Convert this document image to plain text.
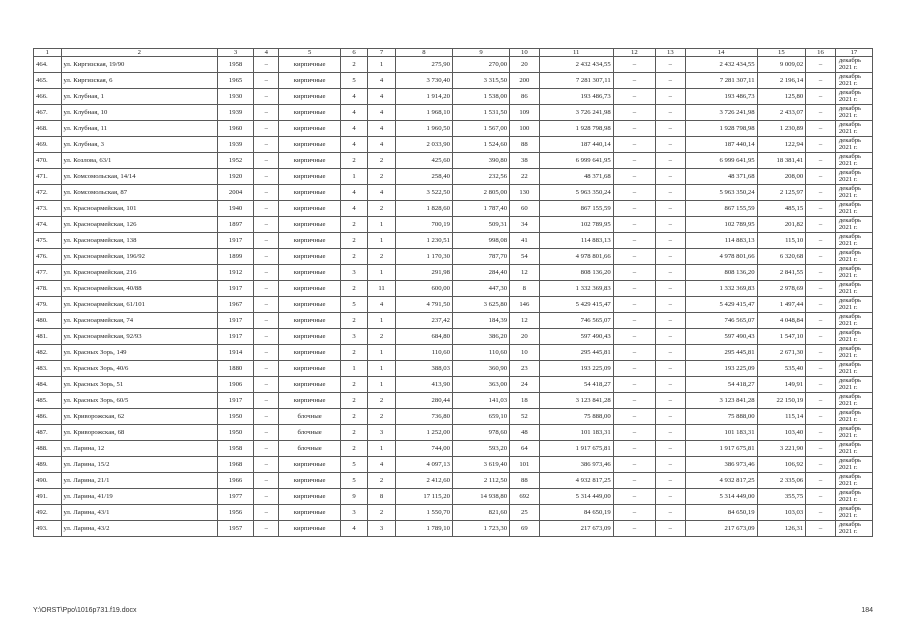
1	2	3	4	5	6	7	8	9	10	11	12	13	14	15	16	17
464.	ул. Киргизская, 19/90	1958	–	кирпичные	2	1	275,90	270,00	20	2 432 434,55	–	–	2 432 434,55	9 009,02	–	декабрь 2021 г.
465.	ул. Киргизская, 6	1965	–	кирпичные	5	4	3 730,40	3 315,50	200	7 281 307,11	–	–	7 281 307,11	2 196,14	–	декабрь 2021 г.
466.	ул. Клубная, 1	1930	–	кирпичные	4	4	1 914,20	1 538,00	86	193 486,73	–	–	193 486,73	125,80	–	декабрь 2021 г.
467.	ул. Клубная, 10	1939	–	кирпичные	4	4	1 968,10	1 531,50	109	3 726 241,98	–	–	3 726 241,98	2 433,07	–	декабрь 2021 г.
468.	ул. Клубная, 11	1960	–	кирпичные	4	4	1 960,50	1 567,00	100	1 928 798,98	–	–	1 928 798,98	1 230,89	–	декабрь 2021 г.
469.	ул. Клубная, 3	1939	–	кирпичные	4	4	2 033,90	1 524,60	88	187 440,14	–	–	187 440,14	122,94	–	декабрь 2021 г.
470.	ул. Козлова, 63/1	1952	–	кирпичные	2	2	425,60	390,80	38	6 999 641,95	–	–	6 999 641,95	18 381,41	–	декабрь 2021 г.
471.	ул. Комсомольская, 14/14	1920	–	кирпичные	1	2	258,40	232,56	22	48 371,68	–	–	48 371,68	208,00	–	декабрь 2021 г.
472.	ул. Комсомольская, 87	2004	–	кирпичные	4	4	3 522,50	2 805,00	130	5 963 350,24	–	–	5 963 350,24	2 125,97	–	декабрь 2021 г.
473.	ул. Красноармейская, 101	1940	–	кирпичные	4	2	1 828,60	1 787,40	60	867 155,59	–	–	867 155,59	485,15	–	декабрь 2021 г.
474.	ул. Красноармейская, 126	1897	–	кирпичные	2	1	700,19	509,31	34	102 789,95	–	–	102 789,95	201,82	–	декабрь 2021 г.
475.	ул. Красноармейская, 138	1917	–	кирпичные	2	1	1 230,51	998,08	41	114 883,13	–	–	114 883,13	115,10	–	декабрь 2021 г.
476.	ул. Красноармейская, 196/92	1899	–	кирпичные	2	2	1 170,30	787,70	54	4 978 801,66	–	–	4 978 801,66	6 320,68	–	декабрь 2021 г.
477.	ул. Красноармейская, 216	1912	–	кирпичные	3	1	291,98	284,40	12	808 136,20	–	–	808 136,20	2 841,55	–	декабрь 2021 г.
478.	ул. Красноармейская, 40/88	1917	–	кирпичные	2	11	600,00	447,30	8	1 332 369,83	–	–	1 332 369,83	2 978,69	–	декабрь 2021 г.
479.	ул. Красноармейская, 61/101	1967	–	кирпичные	5	4	4 791,50	3 625,80	146	5 429 415,47	–	–	5 429 415,47	1 497,44	–	декабрь 2021 г.
480.	ул. Красноармейская, 74	1917	–	кирпичные	2	1	237,42	184,39	12	746 565,07	–	–	746 565,07	4 048,84	–	декабрь 2021 г.
481.	ул. Красноармейская, 92/93	1917	–	кирпичные	3	2	684,80	386,20	20	597 490,43	–	–	597 490,43	1 547,10	–	декабрь 2021 г.
482.	ул. Красных Зорь, 149	1914	–	кирпичные	2	1	110,60	110,60	10	295 445,81	–	–	295 445,81	2 671,30	–	декабрь 2021 г.
483.	ул. Красных Зорь, 40/6	1880	–	кирпичные	1	1	388,03	360,90	23	193 225,09	–	–	193 225,09	535,40	–	декабрь 2021 г.
484.	ул. Красных Зорь, 51	1906	–	кирпичные	2	1	413,90	363,00	24	54 418,27	–	–	54 418,27	149,91	–	декабрь 2021 г.
485.	ул. Красных Зорь, 60/5	1917	–	кирпичные	2	2	280,44	141,03	18	3 123 841,28	–	–	3 123 841,28	22 150,19	–	декабрь 2021 г.
486.	ул. Криворожская, 62	1950	–	блочные	2	2	736,80	659,10	52	75 888,00	–	–	75 888,00	115,14	–	декабрь 2021 г.
487.	ул. Криворожская, 68	1950	–	блочные	2	3	1 252,00	978,60	48	101 183,31	–	–	101 183,31	103,40	–	декабрь 2021 г.
488.	ул. Ларина, 12	1958	–	блочные	2	1	744,00	593,20	64	1 917 675,81	–	–	1 917 675,81	3 221,90	–	декабрь 2021 г.
489.	ул. Ларина, 15/2	1968	–	кирпичные	5	4	4 097,13	3 619,40	101	386 973,46	–	–	386 973,46	106,92	–	декабрь 2021 г.
490.	ул. Ларина, 21/1	1966	–	кирпичные	5	2	2 412,60	2 112,50	88	4 932 817,25	–	–	4 932 817,25	2 335,06	–	декабрь 2021 г.
491.	ул. Ларина, 41/19	1977	–	кирпичные	9	8	17 115,20	14 938,80	692	5 314 449,00	–	–	5 314 449,00	355,75	–	декабрь 2021 г.
492.	ул. Ларина, 43/1	1956	–	кирпичные	3	2	1 550,70	821,60	25	84 650,19	–	–	84 650,19	103,03	–	декабрь 2021 г.
493.	ул. Ларина, 43/2	1957	–	кирпичные	4	3	1 789,10	1 723,30	69	217 673,09	–	–	217 673,09	126,31	–	декабрь 2021 г.
Y:\ORST\Ppo\1016p731.f19.docx	184
